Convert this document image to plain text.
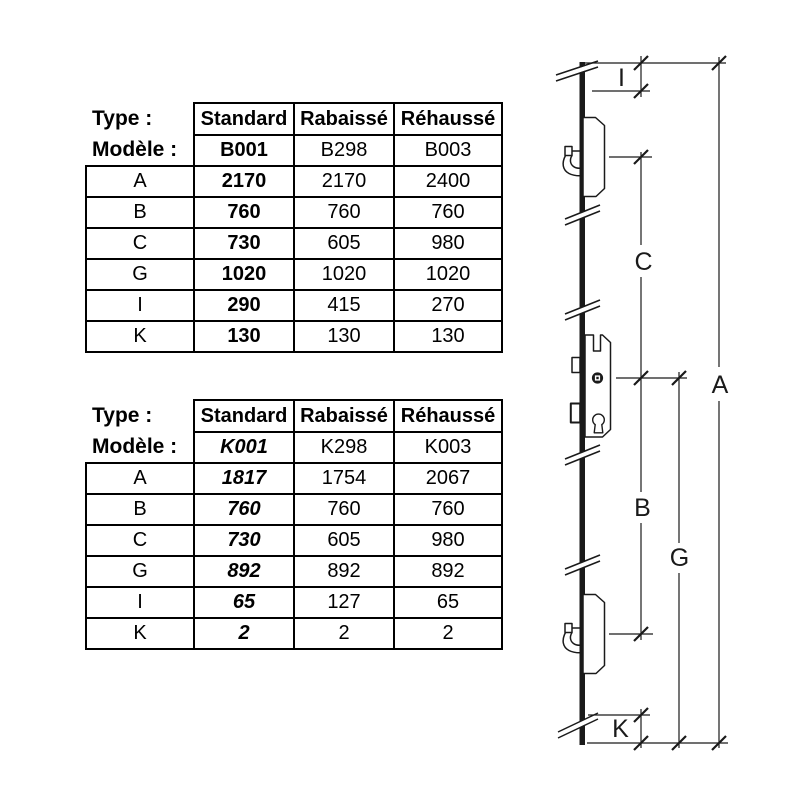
Type :	Standard	Rabaissé	Réhaussé
Modèle :	B001	B298	B003
A	2170	2170	2400
B	760	760	760
C	730	605	980
G	1020	1020	1020
I	290	415	270
K	130	130	130
Type :	Standard	Rabaissé	Réhaussé
Modèle :	K001	K298	K003
A	1817	1754	2067
B	760	760	760
C	730	605	980
G	892	892	892
I	65	127	65
K	2	2	2
I
C
A
B
G
K
